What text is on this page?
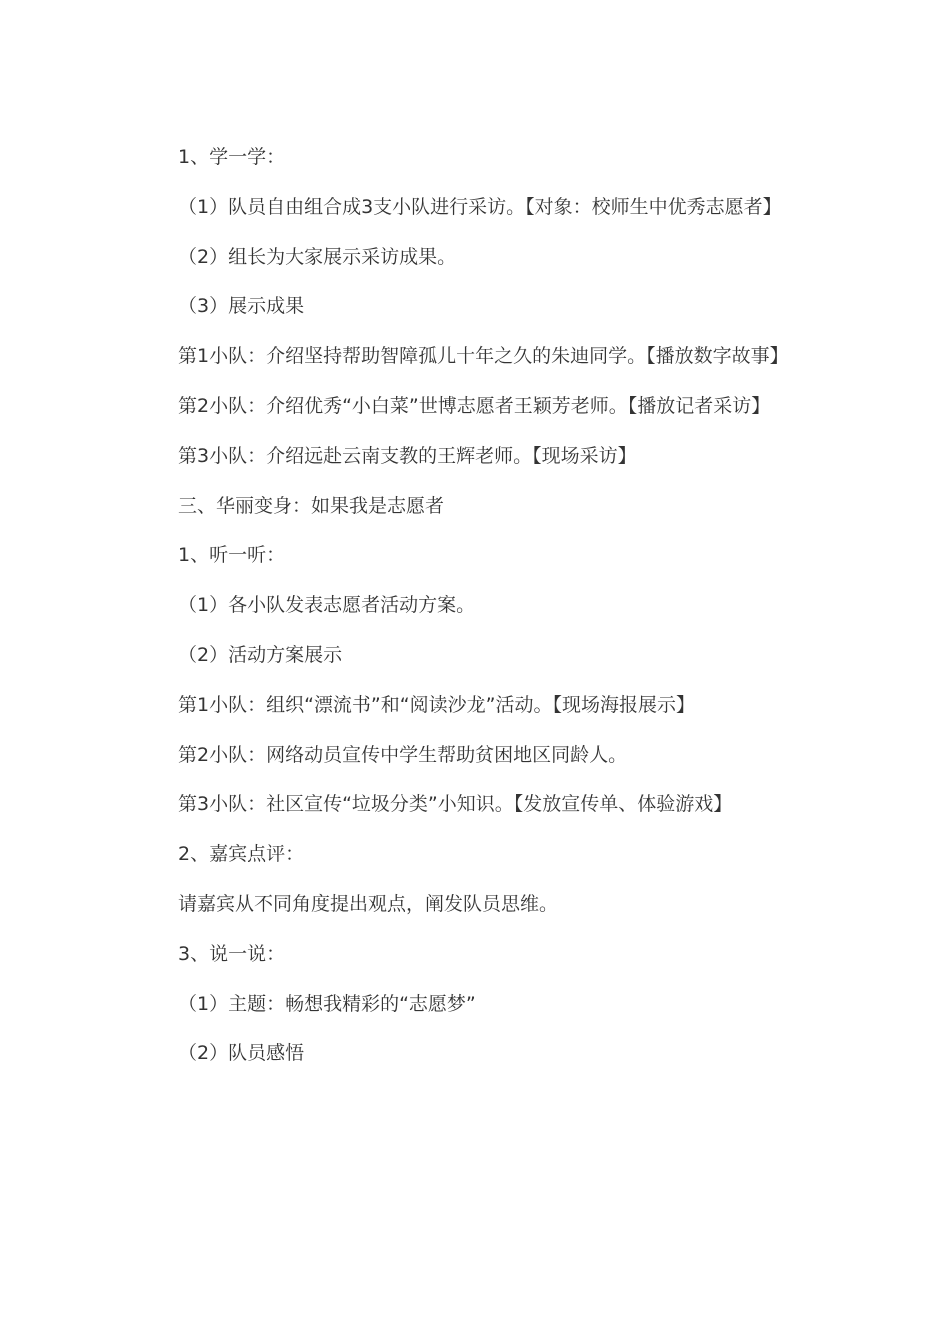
1、学一学：

（1）队员自由组合成3支小队进行采访。【对象：校师生中优秀志愿者】

（2）组长为大家展示采访成果。

（3）展示成果

第1小队：介绍坚持帮助智障孤儿十年之久的朱迪同学。【播放数字故事】

第2小队：介绍优秀“小白菜”世博志愿者王颖芳老师。【播放记者采访】

第3小队：介绍远赴云南支教的王辉老师。【现场采访】

三、华丽变身：如果我是志愿者

1、听一听：

（1）各小队发表志愿者活动方案。

（2）活动方案展示

第1小队：组织“漂流书”和“阅读沙龙”活动。【现场海报展示】

第2小队：网络动员宣传中学生帮助贫困地区同龄人。

第3小队：社区宣传“垃圾分类”小知识。【发放宣传单、体验游戏】

2、嘉宾点评：

请嘉宾从不同角度提出观点，阐发队员思维。

3、说一说：

（1）主题：畅想我精彩的“志愿梦”

（2）队员感悟
